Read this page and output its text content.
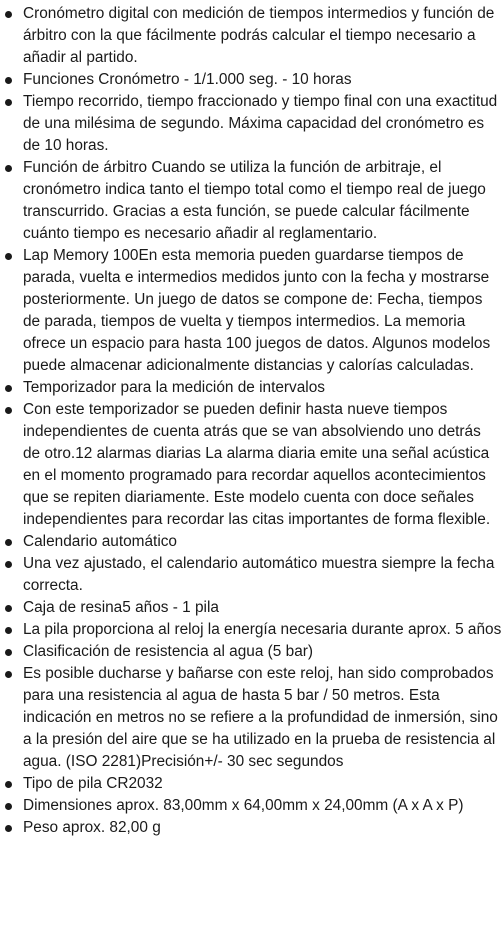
Cronómetro digital con medición de tiempos intermedios y función de árbitro con la que fácilmente podrás calcular el tiempo necesario a añadir al partido.
Funciones Cronómetro - 1/1.000 seg. - 10 horas
Tiempo recorrido, tiempo fraccionado y tiempo final con una exactitud de una milésima de segundo. Máxima capacidad del cronómetro es de 10 horas.
Función de árbitro Cuando se utiliza la función de arbitraje, el cronómetro indica tanto el tiempo total como el tiempo real de juego transcurrido. Gracias a esta función, se puede calcular fácilmente cuánto tiempo es necesario añadir al reglamentario.
Lap Memory 100En esta memoria pueden guardarse tiempos de parada, vuelta e intermedios medidos junto con la fecha y mostrarse posteriormente. Un juego de datos se compone de: Fecha, tiempos de parada, tiempos de vuelta y tiempos intermedios. La memoria ofrece un espacio para hasta 100 juegos de datos. Algunos modelos puede almacenar adicionalmente distancias y calorías calculadas.
Temporizador para la medición de intervalos
Con este temporizador se pueden definir hasta nueve tiempos independientes de cuenta atrás que se van absolviendo uno detrás de otro.12 alarmas diarias La alarma diaria emite una señal acústica en el momento programado para recordar aquellos acontecimientos que se repiten diariamente. Este modelo cuenta con doce señales independientes para recordar las citas importantes de forma flexible.
Calendario automático
Una vez ajustado, el calendario automático muestra siempre la fecha correcta.
Caja de resina5 años - 1 pila
La pila proporciona al reloj la energía necesaria durante aprox. 5 años
Clasificación de resistencia al agua (5 bar)
Es posible ducharse y bañarse con este reloj, han sido comprobados para una resistencia al agua de hasta 5 bar / 50 metros. Esta indicación en metros no se refiere a la profundidad de inmersión, sino a la presión del aire que se ha utilizado en la prueba de resistencia al agua. (ISO 2281)Precisión+/- 30 sec segundos
Tipo de pila CR2032
Dimensiones aprox. 83,00mm x 64,00mm x 24,00mm (A x A x P)
Peso aprox. 82,00 g
